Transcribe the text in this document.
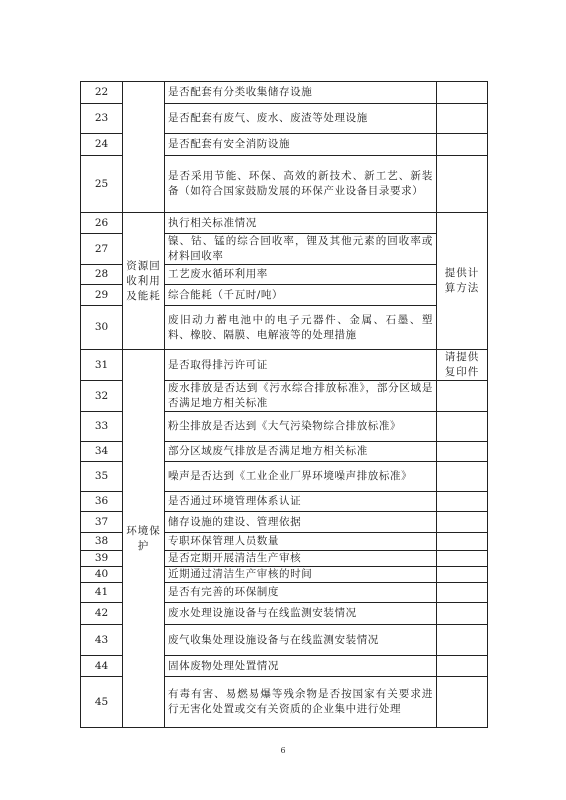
22		是否配套有分类收集储存设施	
23		是否配套有废气、废水、废渣等处理设施	
24		是否配套有安全消防设施	
25		是否采用节能、环保、高效的新技术、新工艺、新装备（如符合国家鼓励发展的环保产业设备目录要求）	
26	资源回收利用及能耗	执行相关标准情况	提供计算方法
27		镍、钴、锰的综合回收率，锂及其他元素的回收率或材料回收率	
28		工艺废水循环利用率	
29		综合能耗（千瓦时/吨）	
30		废旧动力蓄电池中的电子元器件、金属、石墨、塑料、橡胶、隔膜、电解液等的处理措施	
31	环境保护	是否取得排污许可证	请提供复印件
32		废水排放是否达到《污水综合排放标准》，部分区域是否满足地方相关标准	
33		粉尘排放是否达到《大气污染物综合排放标准》	
34		部分区域废气排放是否满足地方相关标准	
35		噪声是否达到《工业企业厂界环境噪声排放标准》	
36		是否通过环境管理体系认证	
37		储存设施的建设、管理依据	
38		专职环保管理人员数量	
39		是否定期开展清洁生产审核	
40		近期通过清洁生产审核的时间	
41		是否有完善的环保制度	
42		废水处理设施设备与在线监测安装情况	
43		废气收集处理设施设备与在线监测安装情况	
44		固体废物处理处置情况	
45		有毒有害、易燃易爆等残余物是否按国家有关要求进行无害化处置或交有关资质的企业集中进行处理	
6
